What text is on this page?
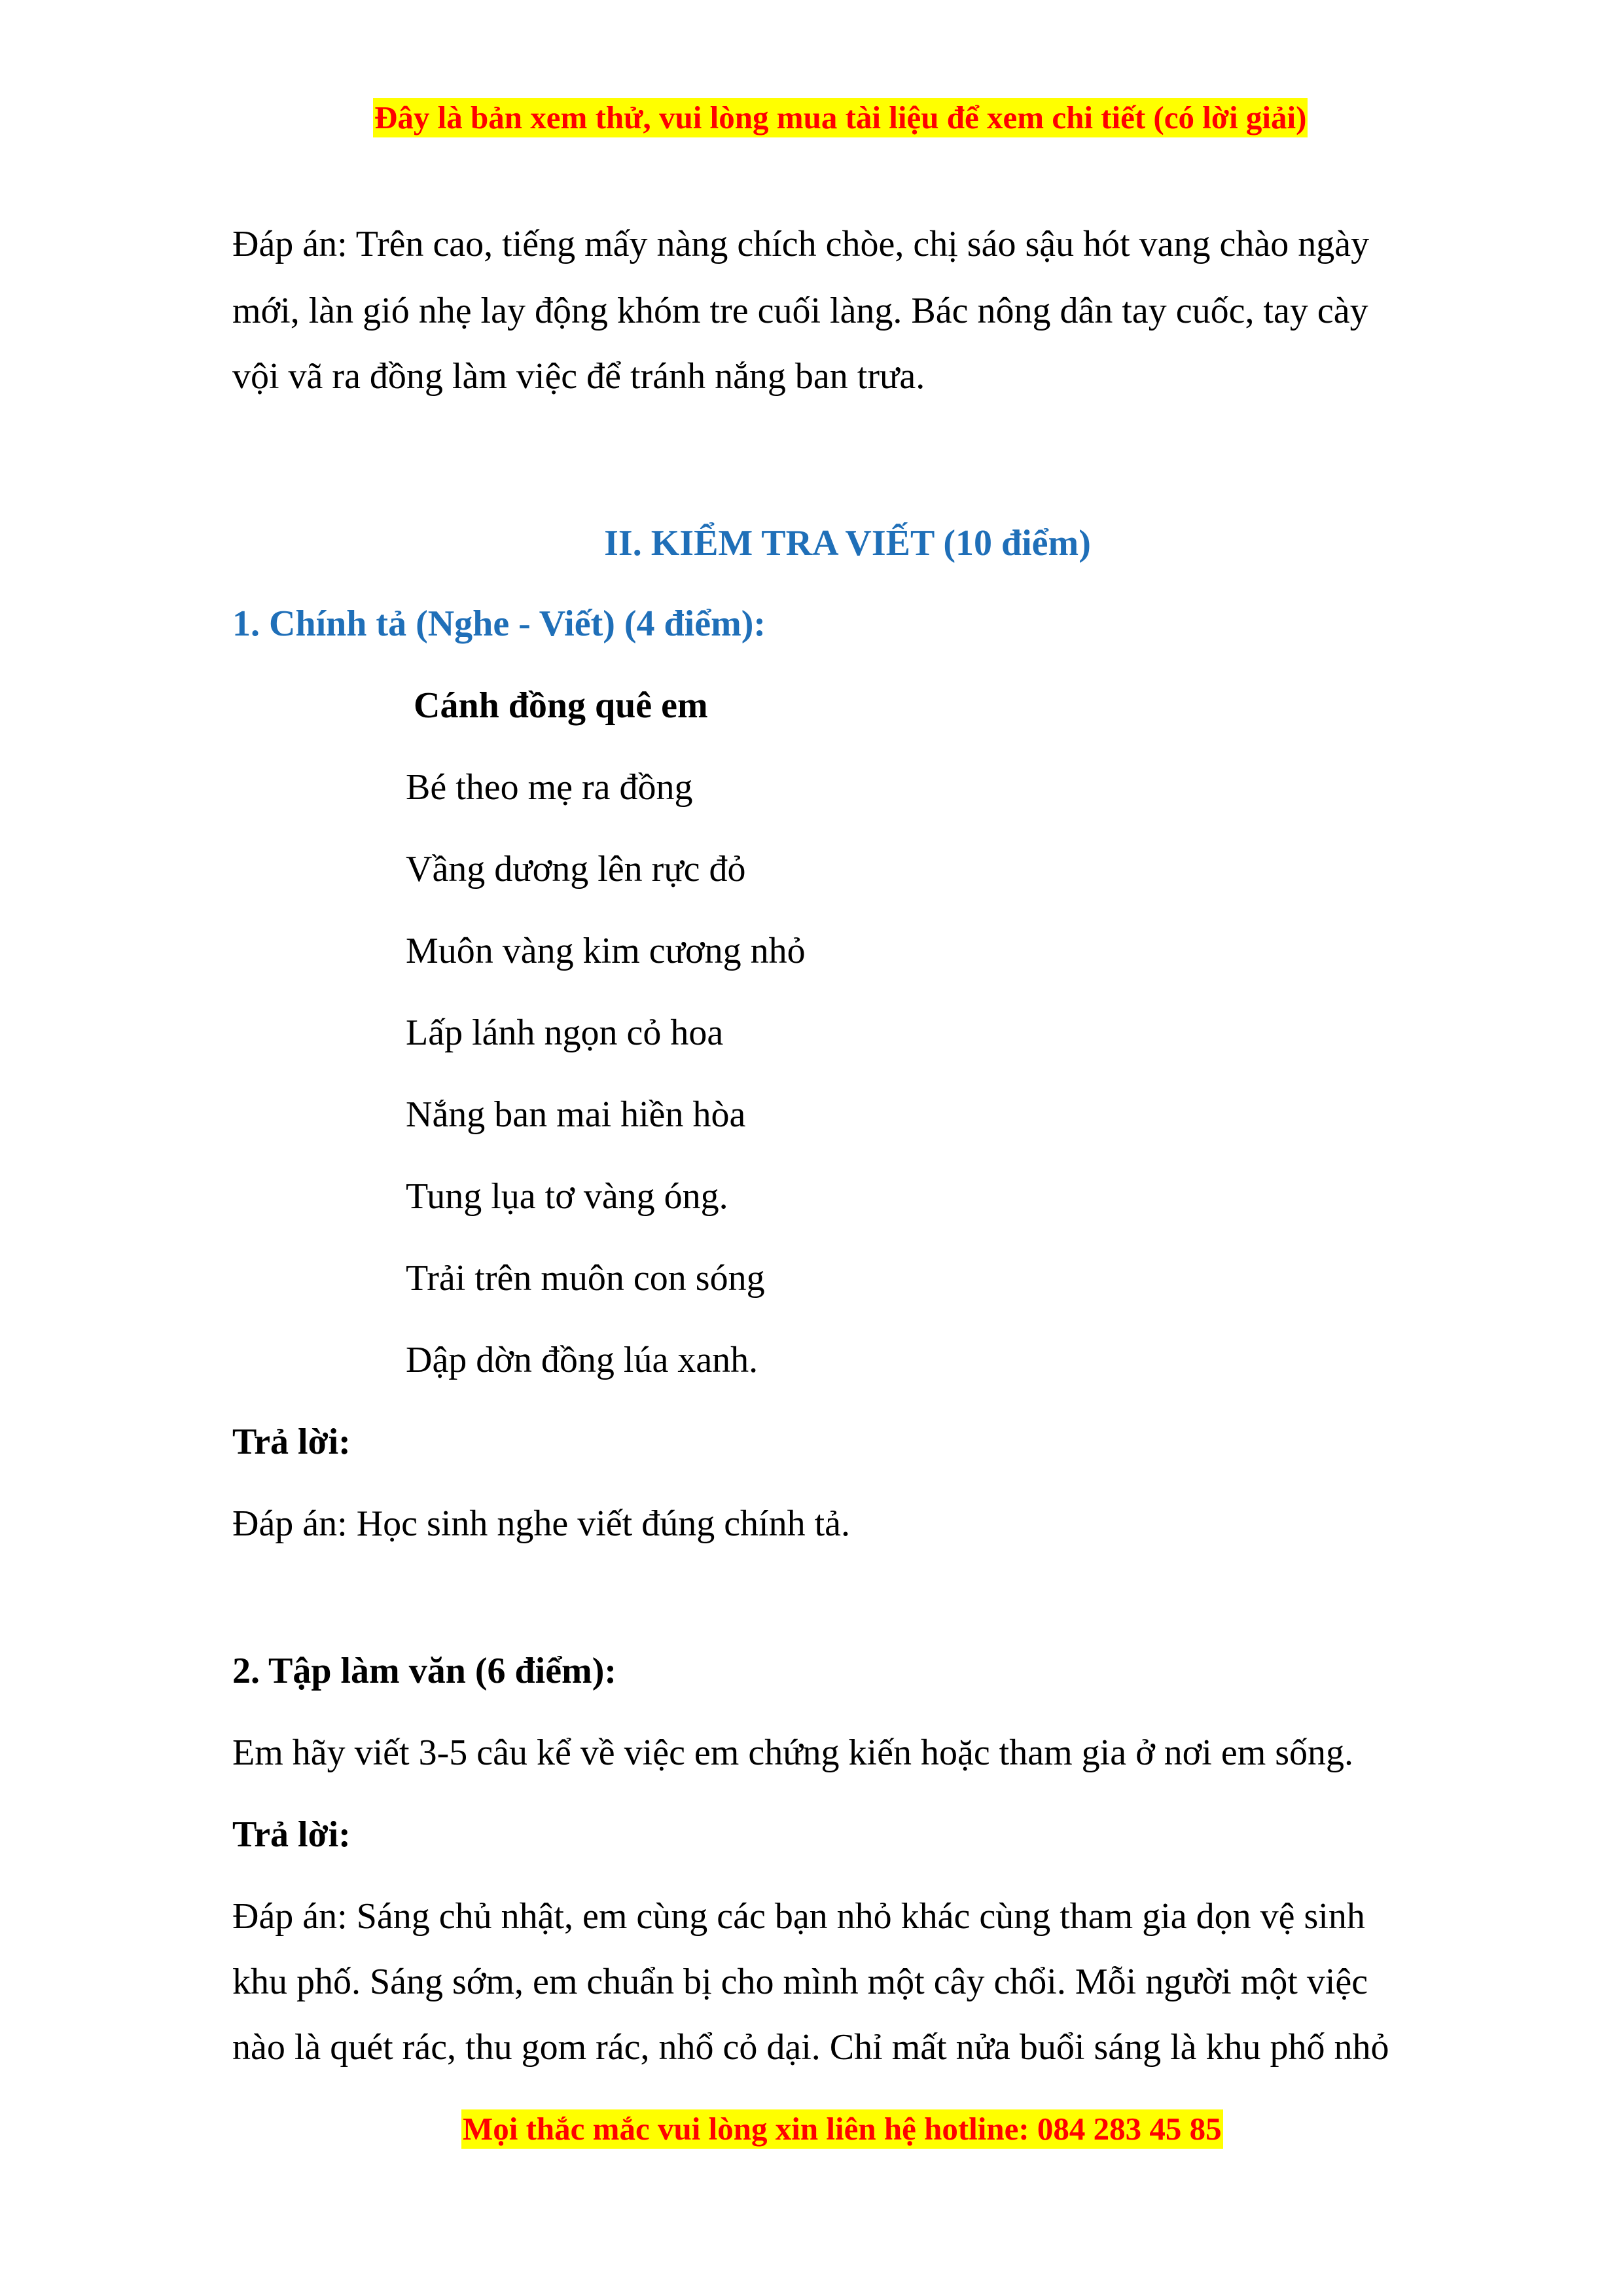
Đây là bản xem thử, vui lòng mua tài liệu để xem chi tiết (có lời giải)
Đáp án: Trên cao, tiếng mấy nàng chích chòe, chị sáo sậu hót vang chào ngày
mới, làn gió nhẹ lay động khóm tre cuối làng. Bác nông dân tay cuốc, tay cày
vội vã ra đồng làm việc để tránh nắng ban trưa.
II. KIỂM TRA VIẾT (10 điểm)
1. Chính tả (Nghe - Viết) (4 điểm):
Cánh đồng quê em
Bé theo mẹ ra đồng
Vầng dương lên rực đỏ
Muôn vàng kim cương nhỏ
Lấp lánh ngọn cỏ hoa
Nắng ban mai hiền hòa
Tung lụa tơ vàng óng.
Trải trên muôn con sóng
Dập dờn đồng lúa xanh.
Trả lời:
Đáp án: Học sinh nghe viết đúng chính tả.
2. Tập làm văn (6 điểm):
Em hãy viết 3-5 câu kể về việc em chứng kiến hoặc tham gia ở nơi em sống.
Trả lời:
Đáp án: Sáng chủ nhật, em cùng các bạn nhỏ khác cùng tham gia dọn vệ sinh
khu phố. Sáng sớm, em chuẩn bị cho mình một cây chổi. Mỗi người một việc
nào là quét rác, thu gom rác, nhổ cỏ dại. Chỉ mất nửa buổi sáng là khu phố nhỏ
Mọi thắc mắc vui lòng xin liên hệ hotline: 084 283 45 85
